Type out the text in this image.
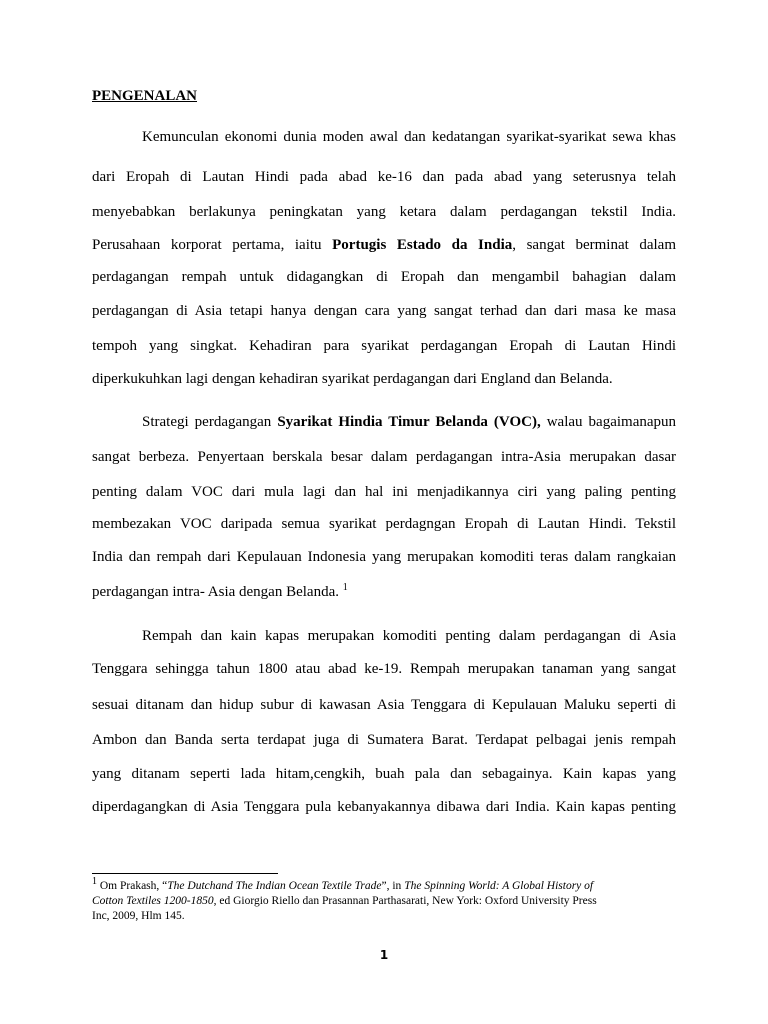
PENGENALAN
Kemunculan ekonomi dunia moden awal dan kedatangan syarikat-syarikat sewa khas
dari Eropah di Lautan Hindi pada abad ke-16 dan pada abad yang seterusnya telah
menyebabkan berlakunya peningkatan yang ketara dalam perdagangan tekstil India.
Perusahaan korporat pertama, iaitu Portugis Estado da India, sangat berminat dalam
perdagangan rempah untuk didagangkan di Eropah dan mengambil bahagian dalam
perdagangan di Asia tetapi hanya dengan cara yang sangat terhad dan dari masa ke masa
tempoh yang singkat. Kehadiran para syarikat perdagangan Eropah di Lautan Hindi
diperkukuhkan lagi dengan kehadiran syarikat perdagangan dari England dan Belanda.
Strategi perdagangan Syarikat Hindia Timur Belanda (VOC), walau bagaimanapun
sangat berbeza. Penyertaan berskala besar dalam perdagangan intra-Asia merupakan dasar
penting dalam VOC dari mula lagi dan hal ini menjadikannya ciri yang paling penting
membezakan VOC daripada semua syarikat perdagngan Eropah di Lautan Hindi. Tekstil
India dan rempah dari Kepulauan Indonesia yang merupakan komoditi teras dalam rangkaian
perdagangan intra- Asia dengan Belanda. $^1$
Rempah dan kain kapas merupakan komoditi penting dalam perdagangan di Asia
Tenggara sehingga tahun 1800 atau abad ke-19. Rempah merupakan tanaman yang sangat
sesuai ditanam dan hidup subur di kawasan Asia Tenggara di Kepulauan Maluku seperti di
Ambon dan Banda serta terdapat juga di Sumatera Barat. Terdapat pelbagai jenis rempah
yang ditanam seperti lada hitam,cengkih, buah pala dan sebagainya. Kain kapas yang
diperdagangkan di Asia Tenggara pula kebanyakannya dibawa dari India. Kain kapas penting
1 Om Prakash, “The Dutchand The Indian Ocean Textile Trade”, in The Spinning World: A Global History of
Cotton Textiles 1200-1850, ed Giorgio Riello dan Prasannan Parthasarati, New York: Oxford University Press
Inc, 2009, Hlm 145.
1
